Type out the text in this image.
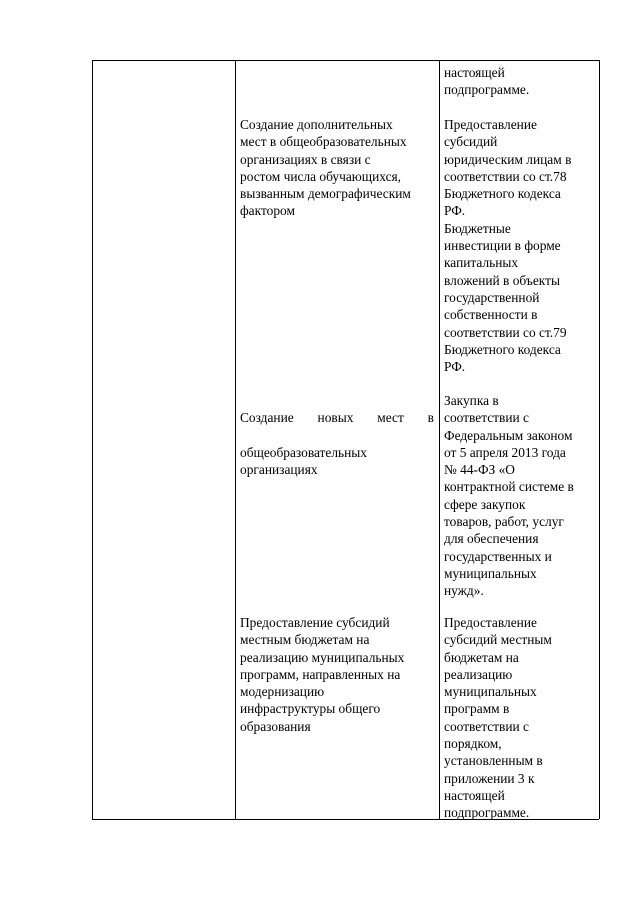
настоящей
подпрограмме.

Создание дополнительных
мест в общеобразовательных
организациях в связи с
ростом числа обучающихся,
вызванным демографическим
фактором

Предоставление
субсидий
юридическим лицам в
соответствии со ст.78
Бюджетного кодекса
РФ.
Бюджетные
инвестиции в форме
капитальных
вложений в объекты
государственной
собственности в
соответствии со ст.79
Бюджетного кодекса
РФ.

Создание новых мест в

общеобразовательных
организациях

Закупка в
соответствии с
Федеральным законом
от 5 апреля 2013 года
№ 44-ФЗ «О
контрактной системе в
сфере закупок
товаров, работ, услуг
для обеспечения
государственных и
муниципальных
нужд».

Предоставление субсидий
местным бюджетам на
реализацию муниципальных
программ, направленных на
модернизацию
инфраструктуры общего
образования

Предоставление
субсидий местным
бюджетам на
реализацию
муниципальных
программ в
соответствии с
порядком,
установленным в
приложении 3 к
настоящей
подпрограмме.
